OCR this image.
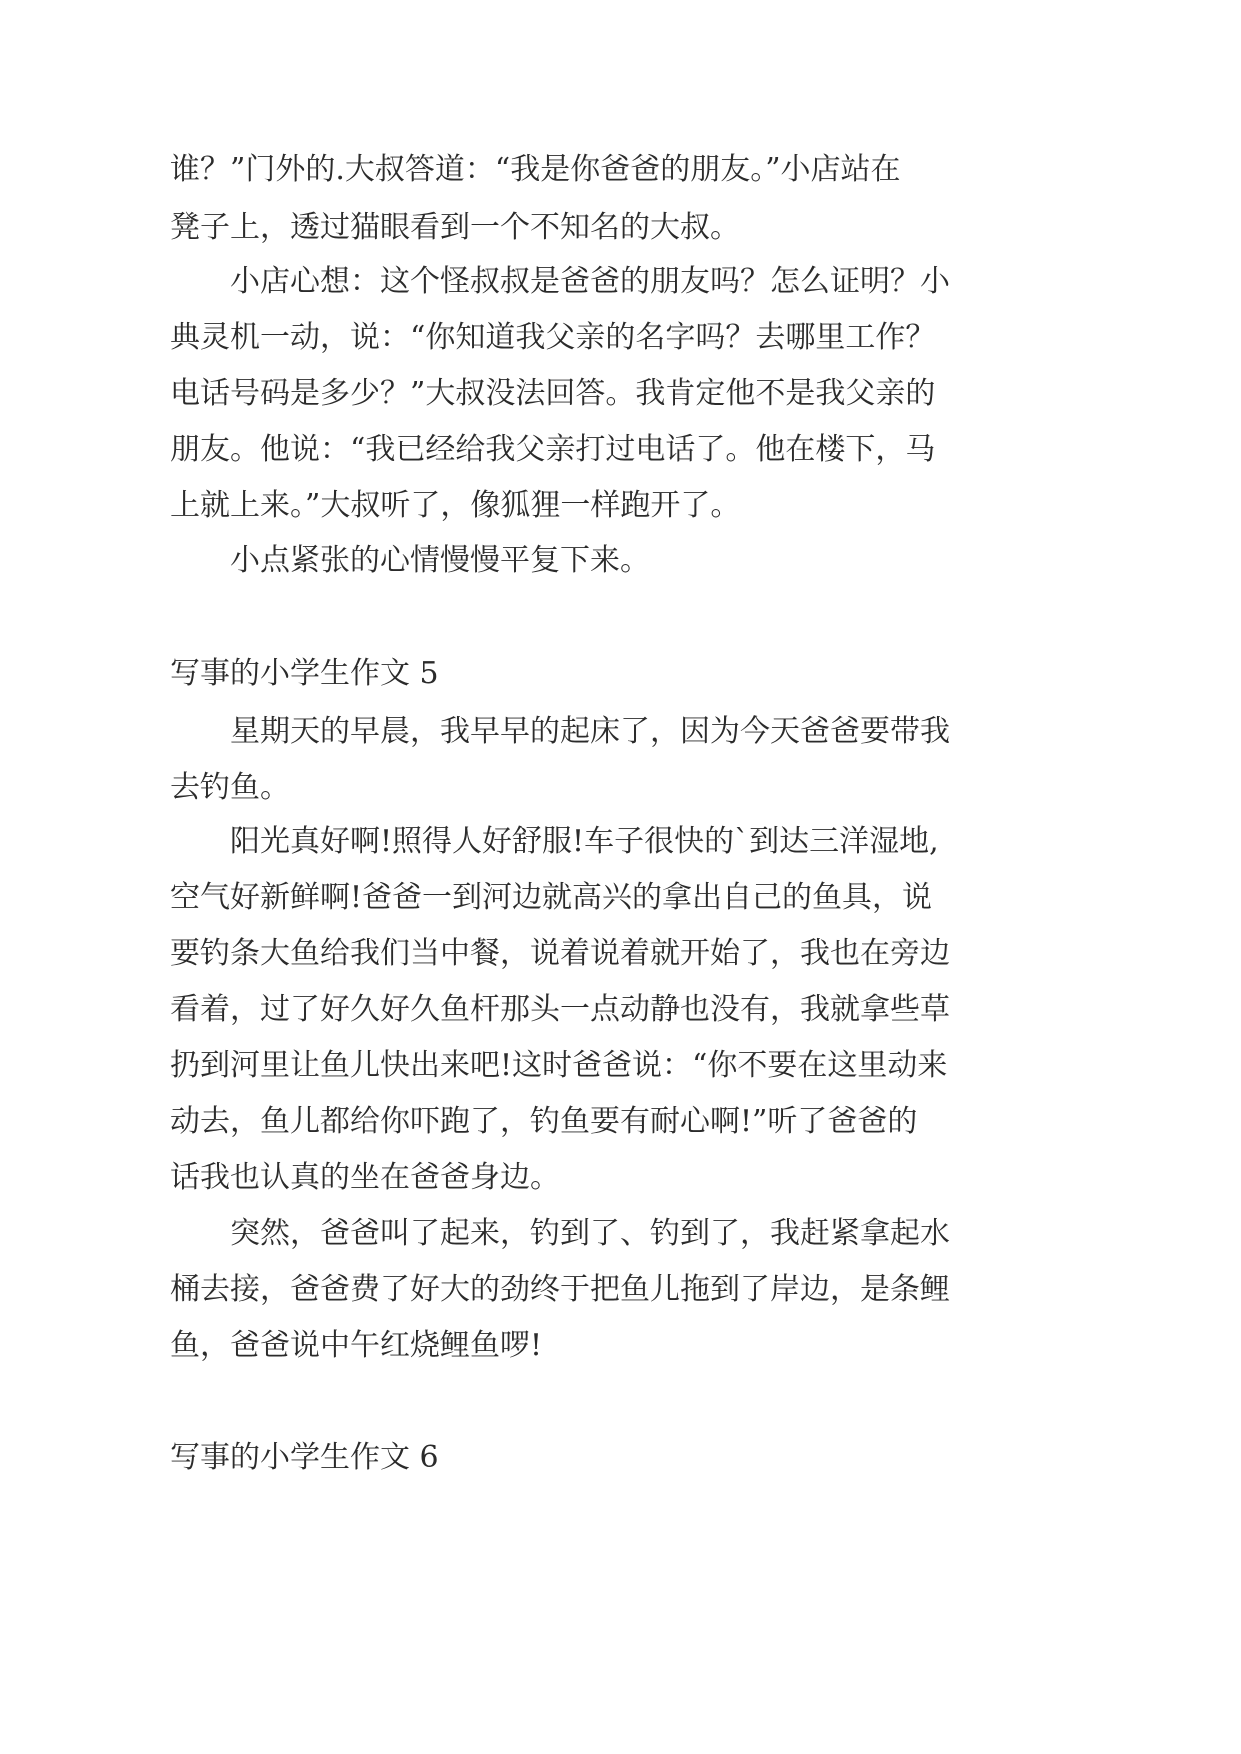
谁？”门外的.大叔答道：“我是你爸爸的朋友。”小店站在
凳子上，透过猫眼看到一个不知名的大叔。
小店心想：这个怪叔叔是爸爸的朋友吗？怎么证明？小
典灵机一动，说：“你知道我父亲的名字吗？去哪里工作？
电话号码是多少？”大叔没法回答。我肯定他不是我父亲的
朋友。他说：“我已经给我父亲打过电话了。他在楼下，马
上就上来。”大叔听了，像狐狸一样跑开了。
小点紧张的心情慢慢平复下来。
写事的小学生作文 5
星期天的早晨，我早早的起床了，因为今天爸爸要带我
去钓鱼。
阳光真好啊!照得人好舒服!车子很快的`到达三洋湿地,
空气好新鲜啊!爸爸一到河边就高兴的拿出自己的鱼具，说
要钓条大鱼给我们当中餐，说着说着就开始了，我也在旁边
看着，过了好久好久鱼杆那头一点动静也没有，我就拿些草
扔到河里让鱼儿快出来吧!这时爸爸说：“你不要在这里动来
动去，鱼儿都给你吓跑了，钓鱼要有耐心啊!”听了爸爸的
话我也认真的坐在爸爸身边。
突然，爸爸叫了起来，钓到了、钓到了，我赶紧拿起水
桶去接，爸爸费了好大的劲终于把鱼儿拖到了岸边，是条鲤
鱼，爸爸说中午红烧鲤鱼啰!
写事的小学生作文 6
